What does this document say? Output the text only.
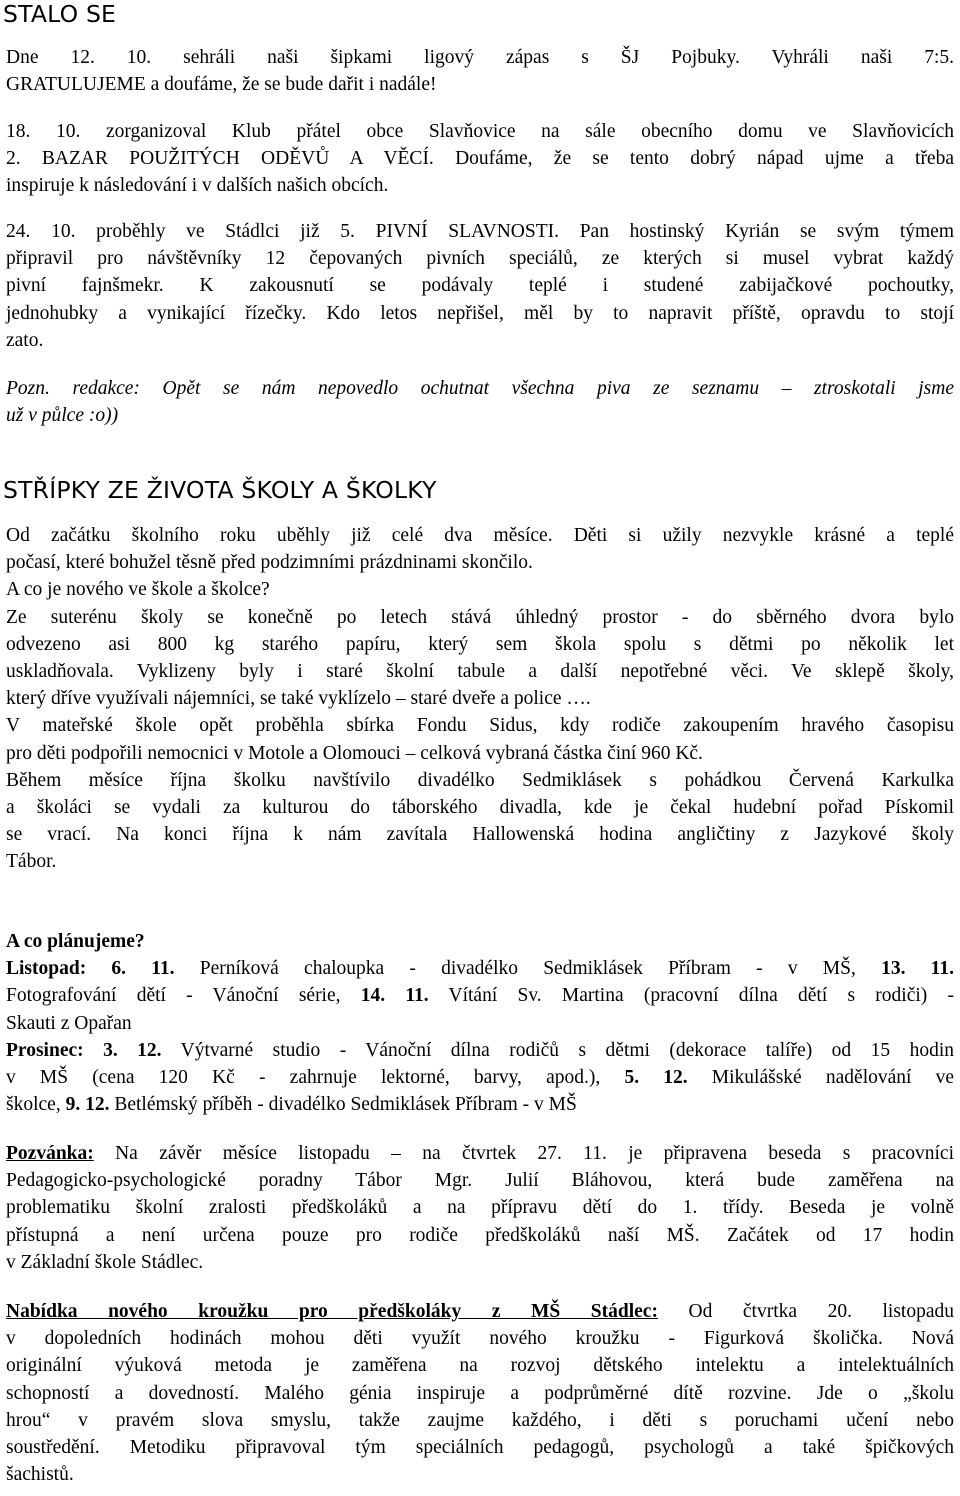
STALO SE
Dne 12. 10. sehráli naši šipkami ligový zápas s ŠJ Pojbuky. Vyhráli naši 7:5.
GRATULUJEME a doufáme, že se bude dařit i nadále!
18. 10. zorganizoval Klub přátel obce Slavňovice na sále obecního domu ve Slavňovicích
2. BAZAR POUŽITÝCH ODĚVŮ A VĚCÍ. Doufáme, že se tento dobrý nápad ujme a třeba
inspiruje k následování i v dalších našich obcích.
24. 10. proběhly ve Stádlci již 5. PIVNÍ SLAVNOSTI. Pan hostinský Kyrián se svým týmem
připravil pro návštěvníky 12 čepovaných pivních speciálů, ze kterých si musel vybrat každý
pivní fajnšmekr. K zakousnutí se podávaly teplé i studené zabijačkové pochoutky,
jednohubky a vynikající řízečky. Kdo letos nepřišel, měl by to napravit příště, opravdu to stojí
zato.
Pozn. redakce: Opět se nám nepovedlo ochutnat všechna piva ze seznamu – ztroskotali jsme
už v půlce :o))
STŘÍPKY ZE ŽIVOTA ŠKOLY A ŠKOLKY
Od začátku školního roku uběhly již celé dva měsíce. Děti si užily nezvykle krásné a teplé
počasí, které bohužel těsně před podzimními prázdninami skončilo.
A co je nového ve škole a školce?
Ze suterénu školy se konečně po letech stává úhledný prostor - do sběrného dvora bylo
odvezeno asi 800 kg starého papíru, který sem škola spolu s dětmi po několik let
uskladňovala. Vyklizeny byly i staré školní tabule a další nepotřebné věci. Ve sklepě školy,
který dříve využívali nájemníci, se také vyklízelo – staré dveře a police ….
V mateřské škole opět proběhla sbírka Fondu Sidus, kdy rodiče zakoupením hravého časopisu
pro děti podpořili nemocnici v Motole a Olomouci – celková vybraná částka činí 960 Kč.
Během měsíce října školku navštívilo divadélko Sedmiklásek s pohádkou Červená Karkulka
a školáci se vydali za kulturou do táborského divadla, kde je čekal hudební pořad Pískomil
se vrací. Na konci října k nám zavítala Hallowenská hodina angličtiny z Jazykové školy
Tábor.
A co plánujeme?
Listopad: 6. 11. Perníková chaloupka - divadélko Sedmiklásek Příbram - v MŠ, 13. 11.
Fotografování dětí - Vánoční série, 14. 11. Vítání Sv. Martina (pracovní dílna dětí s rodiči) -
Skauti z Opařan
Prosinec: 3. 12. Výtvarné studio - Vánoční dílna rodičů s dětmi (dekorace talíře) od 15 hodin
v MŠ (cena 120 Kč - zahrnuje lektorné, barvy, apod.), 5. 12. Mikulášské nadělování ve
školce, 9. 12. Betlémský příběh - divadélko Sedmiklásek Příbram - v MŠ
Pozvánka: Na závěr měsíce listopadu – na čtvrtek 27. 11. je připravena beseda s pracovníci
Pedagogicko-psychologické poradny Tábor Mgr. Julií Bláhovou, která bude zaměřena na
problematiku školní zralosti předškoláků a na přípravu dětí do 1. třídy. Beseda je volně
přístupná a není určena pouze pro rodiče předškoláků naší MŠ. Začátek od 17 hodin
v Základní škole Stádlec.
Nabídka nového kroužku pro předškoláky z MŠ Stádlec: Od čtvrtka 20. listopadu
v dopoledních hodinách mohou děti využít nového kroužku - Figurková školička. Nová
originální výuková metoda je zaměřena na rozvoj dětského intelektu a intelektuálních
schopností a dovedností. Malého génia inspiruje a podprůměrné dítě rozvine. Jde o „školu
hrou“ v pravém slova smyslu, takže zaujme každého, i děti s poruchami učení nebo
soustředění. Metodiku připravoval tým speciálních pedagogů, psychologů a také špičkových
šachistů.
